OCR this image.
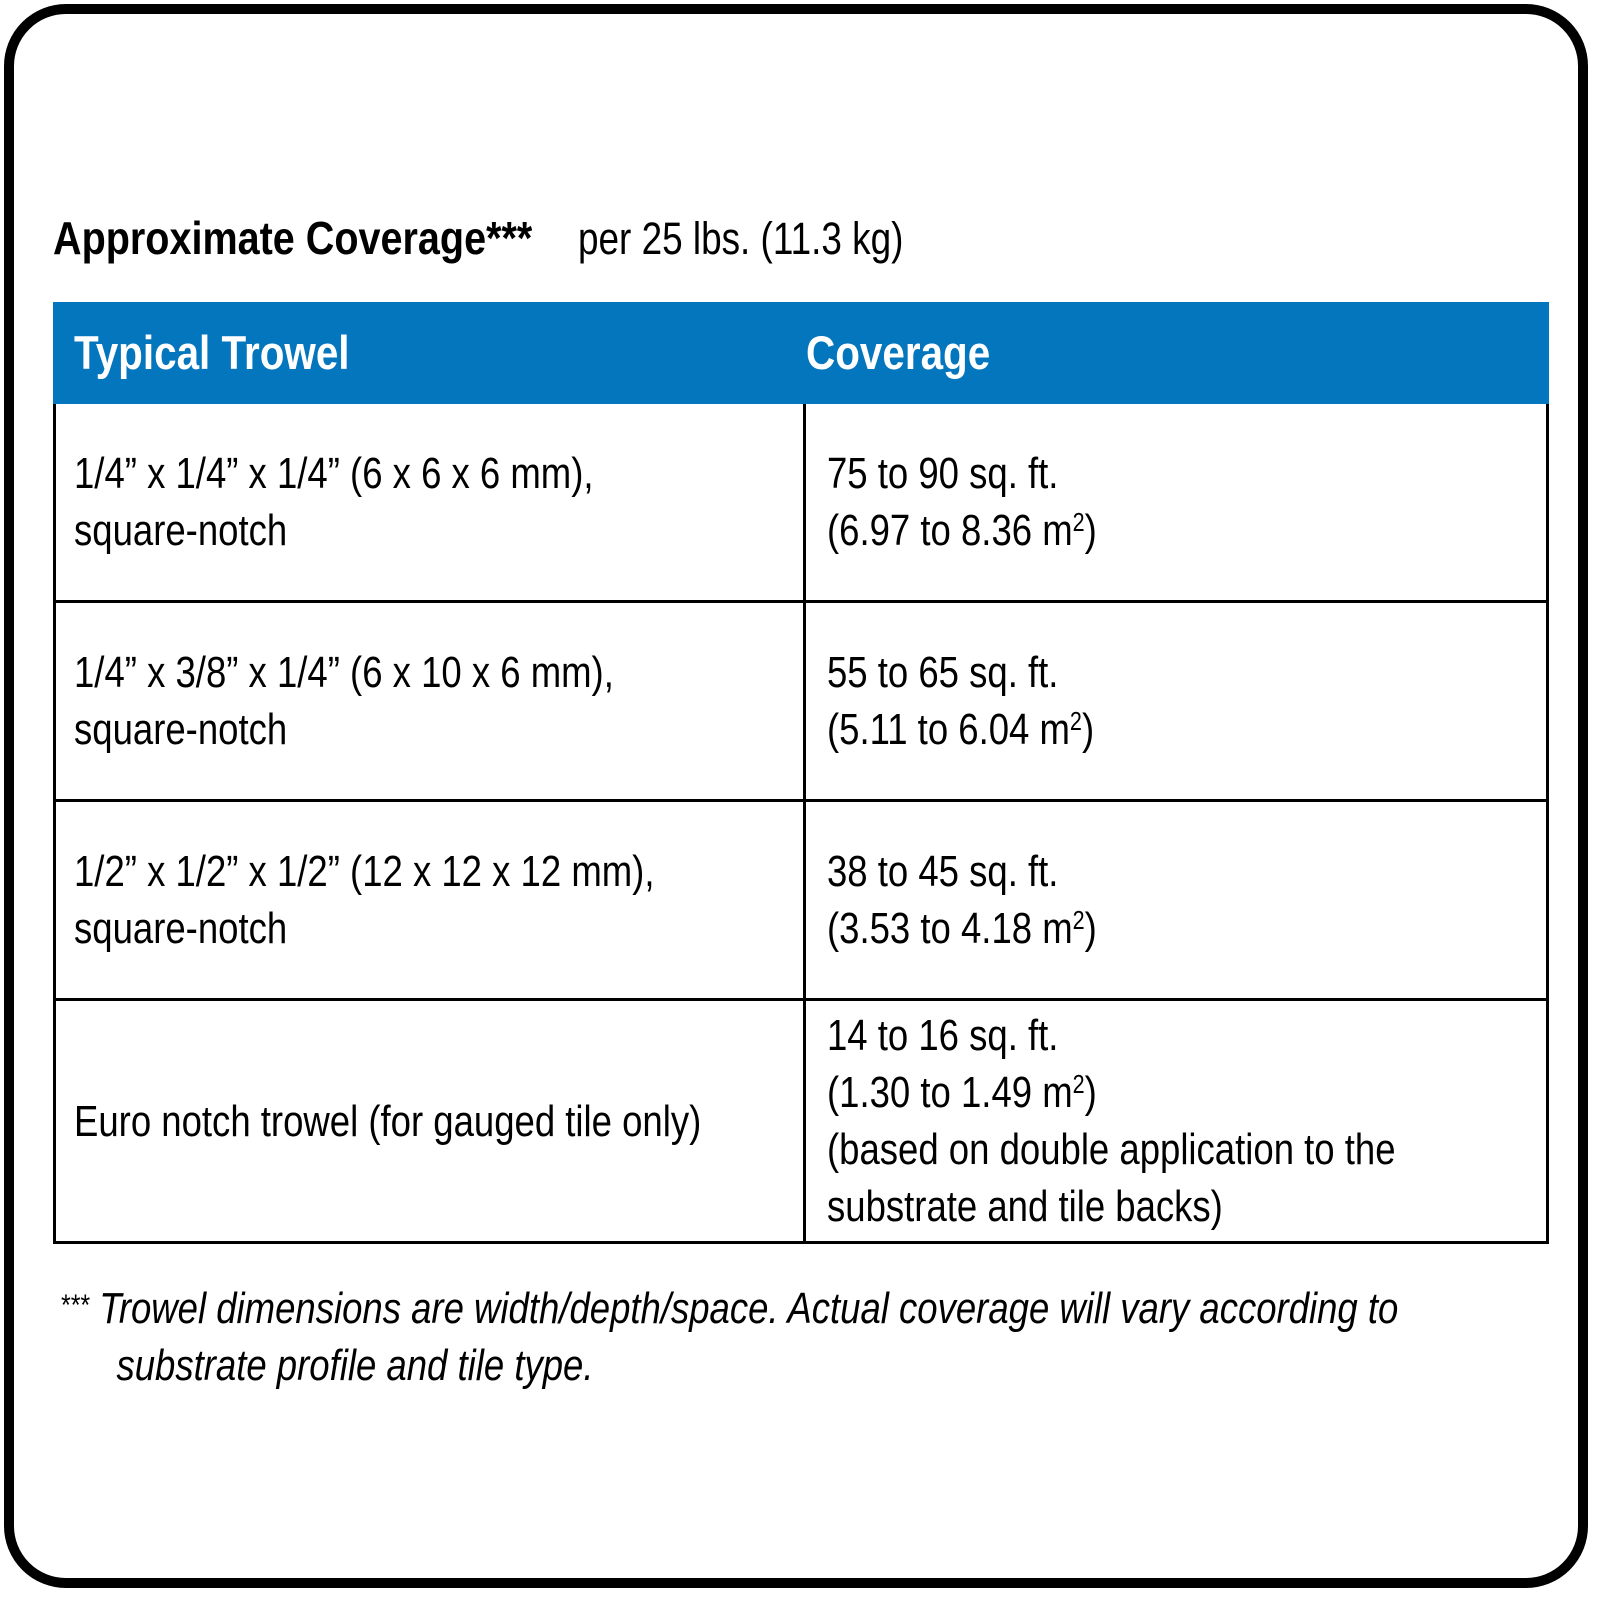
Approximate Coverage*** per 25 lbs. (11.3 kg)
Typical Trowel	Coverage
1/4” x 1/4” x 1/4” (6 x 6 x 6 mm),
square-notch
75 to 90 sq. ft.
(6.97 to 8.36 $m^2$)
1/4” x 3/8” x 1/4” (6 x 10 x 6 mm),
square-notch
55 to 65 sq. ft.
(5.11 to 6.04 $m^2$)
1/2” x 1/2” x 1/2” (12 x 12 x 12 mm),
square-notch
38 to 45 sq. ft.
(3.53 to 4.18 $m^2$)
Euro notch trowel (for gauged tile only)
14 to 16 sq. ft.
(1.30 to 1.49 $m^2$)
(based on double application to the
substrate and tile backs)
*** Trowel dimensions are width/depth/space. Actual coverage will vary according to
substrate profile and tile type.
